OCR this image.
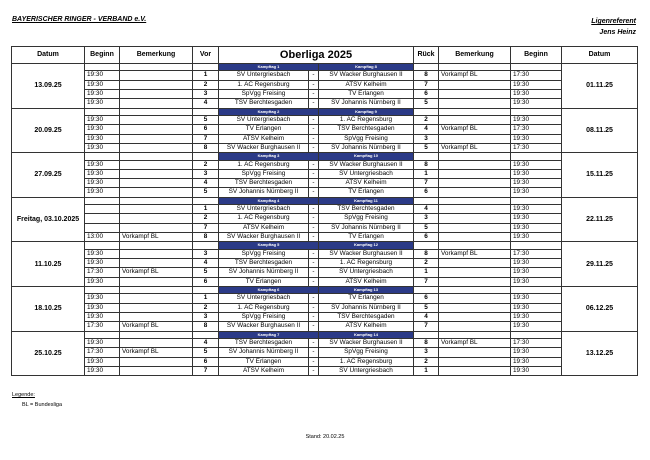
BAYERISCHER RINGER - VERBAND e.V.	Ligenreferent
Jens Heinz
Datum	Beginn	Bemerkung	Vor	Oberliga 2025			Rück	Bemerkung	Beginn	Datum
13.09.25				Kampftag 1		Kampftag 8				01.11.25
	19:30		1	SV Untergriesbach	-	SV Wacker Burghausen II	8	Vorkampf BL	17:30	
	19:30		2	1. AC Regensburg	-	ATSV Kelheim	7		19:30	
	19:30		3	SpVgg Freising	-	TV Erlangen	6		19:30	
	19:30		4	TSV Berchtesgaden	-	SV Johannis Nürnberg II	5		19:30	
20.09.25				Kampftag 2		Kampftag 9				08.11.25
	19:30		5	SV Untergriesbach	-	1. AC Regensburg	2		19:30	
	19:30		6	TV Erlangen	-	TSV Berchtesgaden	4	Vorkampf BL	17:30	
	19:30		7	ATSV Kelheim	-	SpVgg Freising	3		19:30	
	19:30		8	SV Wacker Burghausen II	-	SV Johannis Nürnberg II	5	Vorkampf BL	17:30	
27.09.25				Kampftag 3		Kampftag 10				15.11.25
	19:30		2	1. AC Regensburg	-	SV Wacker Burghausen II	8		19:30	
	19:30		3	SpVgg Freising	-	SV Untergriesbach	1		19:30	
	19:30		4	TSV Berchtesgaden	-	ATSV Kelheim	7		19:30	
	19:30		5	SV Johannis Nürnberg II	-	TV Erlangen	6		19:30	
Freitag, 03.10.2025				Kampftag 4		Kampftag 11				22.11.25
			1	SV Untergriesbach	-	TSV Berchtesgaden	4		19:30	
			2	1. AC Regensburg	-	SpVgg Freising	3		19:30	
			7	ATSV Kelheim	-	SV Johannis Nürnberg II	5		19:30	
	13:00	Vorkampf BL	8	SV Wacker Burghausen II	-	TV Erlangen	6		19:30	
11.10.25				Kampftag 5		Kampftag 12				29.11.25
	19:30		3	SpVgg Freising	-	SV Wacker Burghausen II	8	Vorkampf BL	17:30	
	19:30		4	TSV Berchtesgaden	-	1. AC Regensburg	2		19:30	
	17:30	Vorkampf BL	5	SV Johannis Nürnberg II	-	SV Untergriesbach	1		19:30	
	19:30		6	TV Erlangen	-	ATSV Kelheim	7		19:30	
18.10.25				Kampftag 6		Kampftag 13				06.12.25
	19:30		1	SV Untergriesbach	-	TV Erlangen	6		19:30	
	19:30		2	1. AC Regensburg	-	SV Johannis Nürnberg II	5		19:30	
	19:30		3	SpVgg Freising	-	TSV Berchtesgaden	4		19:30	
	17:30	Vorkampf BL	8	SV Wacker Burghausen II	-	ATSV Kelheim	7		19:30	
25.10.25				Kampftag 7		Kampftag 14				13.12.25
	19:30		4	TSV Berchtesgaden	-	SV Wacker Burghausen II	8	Vorkampf BL	17:30	
	17:30	Vorkampf BL	5	SV Johannis Nürnberg II	-	SpVgg Freising	3		19:30	
	19:30		6	TV Erlangen	-	1. AC Regensburg	2		19:30	
	19:30		7	ATSV Kelheim	-	SV Untergriesbach	1		19:30	
Legende:
BL = Bundesliga
Stand: 20.02.25
